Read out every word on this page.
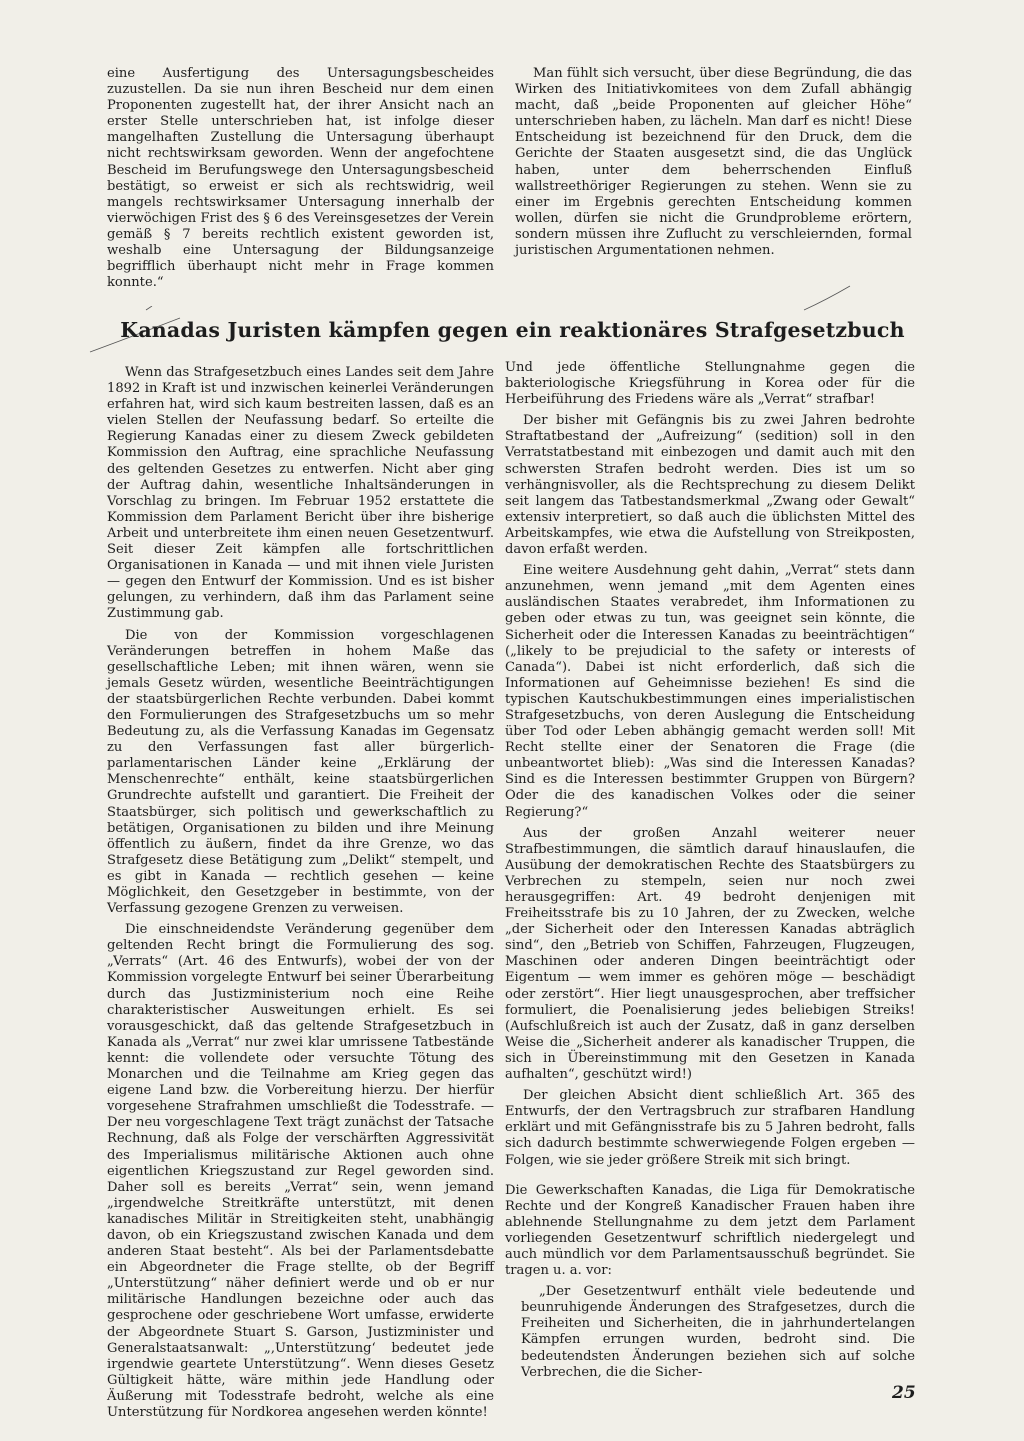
eine Ausfertigung des Untersagungsbescheides zuzustellen. Da sie nun ihren Bescheid nur dem einen Proponenten zugestellt hat, der ihrer Ansicht nach an erster Stelle unterschrieben hat, ist infolge dieser mangelhaften Zustellung die Untersagung überhaupt nicht rechtswirksam geworden. Wenn der angefochtene Bescheid im Berufungswege den Untersagungsbescheid bestätigt, so erweist er sich als rechtswidrig, weil mangels rechtswirksamer Untersagung innerhalb der vierwöchigen Frist des § 6 des Vereinsgesetzes der Verein gemäß § 7 bereits rechtlich existent geworden ist, weshalb eine Untersagung der Bildungsanzeige begrifflich überhaupt nicht mehr in Frage kommen konnte.“

Man fühlt sich versucht, über diese Begründung, die das Wirken des Initiativkomitees von dem Zufall abhängig macht, daß „beide Proponenten auf gleicher Höhe“ unterschrieben haben, zu lächeln. Man darf es nicht! Diese Entscheidung ist bezeichnend für den Druck, dem die Gerichte der Staaten ausgesetzt sind, die das Unglück haben, unter dem beherrschenden Einfluß wallstreethöriger Regierungen zu stehen. Wenn sie zu einer im Ergebnis gerechten Entscheidung kommen wollen, dürfen sie nicht die Grundprobleme erörtern, sondern müssen ihre Zuflucht zu verschleiernden, formal juristischen Argumentationen nehmen.

Kanadas Juristen kämpfen gegen ein reaktionäres Strafgesetzbuch

Wenn das Strafgesetzbuch eines Landes seit dem Jahre 1892 in Kraft ist und inzwischen keinerlei Veränderungen erfahren hat, wird sich kaum bestreiten lassen, daß es an vielen Stellen der Neufassung bedarf. So erteilte die Regierung Kanadas einer zu diesem Zweck gebildeten Kommission den Auftrag, eine sprachliche Neufassung des geltenden Gesetzes zu entwerfen. Nicht aber ging der Auftrag dahin, wesentliche Inhaltsänderungen in Vorschlag zu bringen. Im Februar 1952 erstattete die Kommission dem Parlament Bericht über ihre bisherige Arbeit und unterbreitete ihm einen neuen Gesetzentwurf. Seit dieser Zeit kämpfen alle fortschrittlichen Organisationen in Kanada — und mit ihnen viele Juristen — gegen den Entwurf der Kommission. Und es ist bisher gelungen, zu verhindern, daß ihm das Parlament seine Zustimmung gab.

Die von der Kommission vorgeschlagenen Veränderungen betreffen in hohem Maße das gesellschaftliche Leben; mit ihnen wären, wenn sie jemals Gesetz würden, wesentliche Beeinträchtigungen der staatsbürgerlichen Rechte verbunden. Dabei kommt den Formulierungen des Strafgesetzbuchs um so mehr Bedeutung zu, als die Verfassung Kanadas im Gegensatz zu den Verfassungen fast aller bürgerlich-parlamentarischen Länder keine „Erklärung der Menschenrechte“ enthält, keine staatsbürgerlichen Grundrechte aufstellt und garantiert. Die Freiheit der Staatsbürger, sich politisch und gewerkschaftlich zu betätigen, Organisationen zu bilden und ihre Meinung öffentlich zu äußern, findet da ihre Grenze, wo das Strafgesetz diese Betätigung zum „Delikt“ stempelt, und es gibt in Kanada — rechtlich gesehen — keine Möglichkeit, den Gesetzgeber in bestimmte, von der Verfassung gezogene Grenzen zu verweisen.

Die einschneidendste Veränderung gegenüber dem geltenden Recht bringt die Formulierung des sog. „Verrats“ (Art. 46 des Entwurfs), wobei der von der Kommission vorgelegte Entwurf bei seiner Überarbeitung durch das Justizministerium noch eine Reihe charakteristischer Ausweitungen erhielt. Es sei vorausgeschickt, daß das geltende Strafgesetzbuch in Kanada als „Verrat“ nur zwei klar umrissene Tatbestände kennt: die vollendete oder versuchte Tötung des Monarchen und die Teilnahme am Krieg gegen das eigene Land bzw. die Vorbereitung hierzu. Der hierfür vorgesehene Strafrahmen umschließt die Todesstrafe. — Der neu vorgeschlagene Text trägt zunächst der Tatsache Rechnung, daß als Folge der verschärften Aggressivität des Imperialismus militärische Aktionen auch ohne eigentlichen Kriegszustand zur Regel geworden sind. Daher soll es bereits „Verrat“ sein, wenn jemand „irgendwelche Streitkräfte unterstützt, mit denen kanadisches Militär in Streitigkeiten steht, unabhängig davon, ob ein Kriegszustand zwischen Kanada und dem anderen Staat besteht“. Als bei der Parlamentsdebatte ein Abgeordneter die Frage stellte, ob der Begriff „Unterstützung“ näher definiert werde und ob er nur militärische Handlungen bezeichne oder auch das gesprochene oder geschriebene Wort umfasse, erwiderte der Abgeordnete Stuart S. Garson, Justizminister und Generalstaatsanwalt: „‚Unterstützung‘ bedeutet jede irgendwie geartete Unterstützung“. Wenn dieses Gesetz Gültigkeit hätte, wäre mithin jede Handlung oder Äußerung mit Todesstrafe bedroht, welche als eine Unterstützung für Nordkorea angesehen werden könnte!

Und jede öffentliche Stellungnahme gegen die bakteriologische Kriegsführung in Korea oder für die Herbeiführung des Friedens wäre als „Verrat“ strafbar!

Der bisher mit Gefängnis bis zu zwei Jahren bedrohte Straftatbestand der „Aufreizung“ (sedition) soll in den Verratstatbestand mit einbezogen und damit auch mit den schwersten Strafen bedroht werden. Dies ist um so verhängnisvoller, als die Rechtsprechung zu diesem Delikt seit langem das Tatbestandsmerkmal „Zwang oder Gewalt“ extensiv interpretiert, so daß auch die üblichsten Mittel des Arbeitskampfes, wie etwa die Aufstellung von Streikposten, davon erfaßt werden.

Eine weitere Ausdehnung geht dahin, „Verrat“ stets dann anzunehmen, wenn jemand „mit dem Agenten eines ausländischen Staates verabredet, ihm Informationen zu geben oder etwas zu tun, was geeignet sein könnte, die Sicherheit oder die Interessen Kanadas zu beeinträchtigen“ („likely to be prejudicial to the safety or interests of Canada“). Dabei ist nicht erforderlich, daß sich die Informationen auf Geheimnisse beziehen! Es sind die typischen Kautschukbestimmungen eines imperialistischen Strafgesetzbuchs, von deren Auslegung die Entscheidung über Tod oder Leben abhängig gemacht werden soll! Mit Recht stellte einer der Senatoren die Frage (die unbeantwortet blieb): „Was sind die Interessen Kanadas? Sind es die Interessen bestimmter Gruppen von Bürgern? Oder die des kanadischen Volkes oder die seiner Regierung?“

Aus der großen Anzahl weiterer neuer Strafbestimmungen, die sämtlich darauf hinauslaufen, die Ausübung der demokratischen Rechte des Staatsbürgers zu Verbrechen zu stempeln, seien nur noch zwei herausgegriffen: Art. 49 bedroht denjenigen mit Freiheitsstrafe bis zu 10 Jahren, der zu Zwecken, welche „der Sicherheit oder den Interessen Kanadas abträglich sind“, den „Betrieb von Schiffen, Fahrzeugen, Flugzeugen, Maschinen oder anderen Dingen beeinträchtigt oder Eigentum — wem immer es gehören möge — beschädigt oder zerstört“. Hier liegt unausgesprochen, aber treffsicher formuliert, die Poenalisierung jedes beliebigen Streiks! (Aufschlußreich ist auch der Zusatz, daß in ganz derselben Weise die „Sicherheit anderer als kanadischer Truppen, die sich in Übereinstimmung mit den Gesetzen in Kanada aufhalten“, geschützt wird!)

Der gleichen Absicht dient schließlich Art. 365 des Entwurfs, der den Vertragsbruch zur strafbaren Handlung erklärt und mit Gefängnisstrafe bis zu 5 Jahren bedroht, falls sich dadurch bestimmte schwerwiegende Folgen ergeben — Folgen, wie sie jeder größere Streik mit sich bringt.

Die Gewerkschaften Kanadas, die Liga für Demokratische Rechte und der Kongreß Kanadischer Frauen haben ihre ablehnende Stellungnahme zu dem jetzt dem Parlament vorliegenden Gesetzentwurf schriftlich niedergelegt und auch mündlich vor dem Parlamentsausschuß begründet. Sie tragen u. a. vor:

„Der Gesetzentwurf enthält viele bedeutende und beunruhigende Änderungen des Strafgesetzes, durch die Freiheiten und Sicherheiten, die in jahrhundertelangen Kämpfen errungen wurden, bedroht sind. Die bedeutendsten Änderungen beziehen sich auf solche Verbrechen, die die Sicher-

25
